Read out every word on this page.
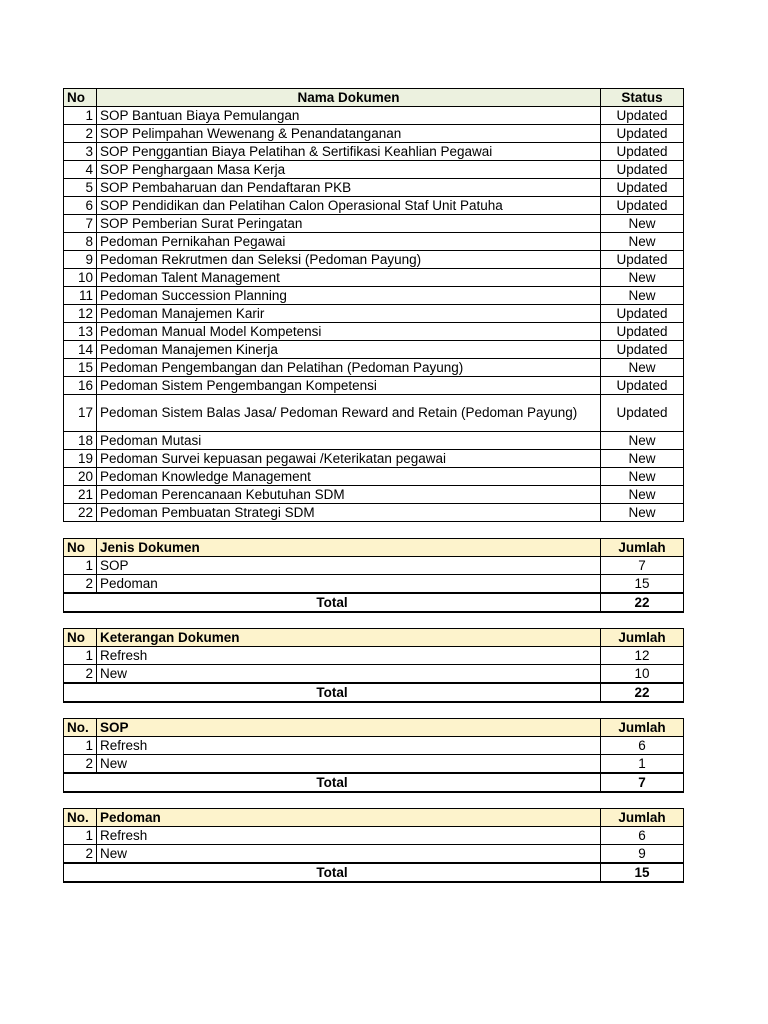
No	Nama Dokumen	Status
1	SOP Bantuan Biaya Pemulangan	Updated
2	SOP Pelimpahan Wewenang & Penandatanganan	Updated
3	SOP Penggantian Biaya Pelatihan & Sertifikasi Keahlian Pegawai	Updated
4	SOP Penghargaan Masa Kerja	Updated
5	SOP Pembaharuan dan Pendaftaran PKB	Updated
6	SOP Pendidikan dan Pelatihan Calon Operasional Staf Unit Patuha	Updated
7	SOP Pemberian Surat Peringatan	New
8	Pedoman Pernikahan Pegawai	New
9	Pedoman Rekrutmen dan Seleksi (Pedoman Payung)	Updated
10	Pedoman Talent Management	New
11	Pedoman Succession Planning	New
12	Pedoman Manajemen Karir	Updated
13	Pedoman Manual Model Kompetensi	Updated
14	Pedoman Manajemen Kinerja	Updated
15	Pedoman Pengembangan dan Pelatihan (Pedoman Payung)	New
16	Pedoman Sistem Pengembangan Kompetensi	Updated
17	Pedoman Sistem Balas Jasa/ Pedoman Reward and Retain (Pedoman Payung)	Updated
18	Pedoman Mutasi	New
19	Pedoman Survei kepuasan pegawai /Keterikatan pegawai	New
20	Pedoman Knowledge Management	New
21	Pedoman Perencanaan Kebutuhan SDM	New
22	Pedoman Pembuatan Strategi SDM	New
No	Jenis Dokumen	Jumlah
1	SOP	7
2	Pedoman	15
Total		22
No	Keterangan Dokumen	Jumlah
1	Refresh	12
2	New	10
Total		22
No.	SOP	Jumlah
1	Refresh	6
2	New	1
Total		7
No.	Pedoman	Jumlah
1	Refresh	6
2	New	9
Total		15
